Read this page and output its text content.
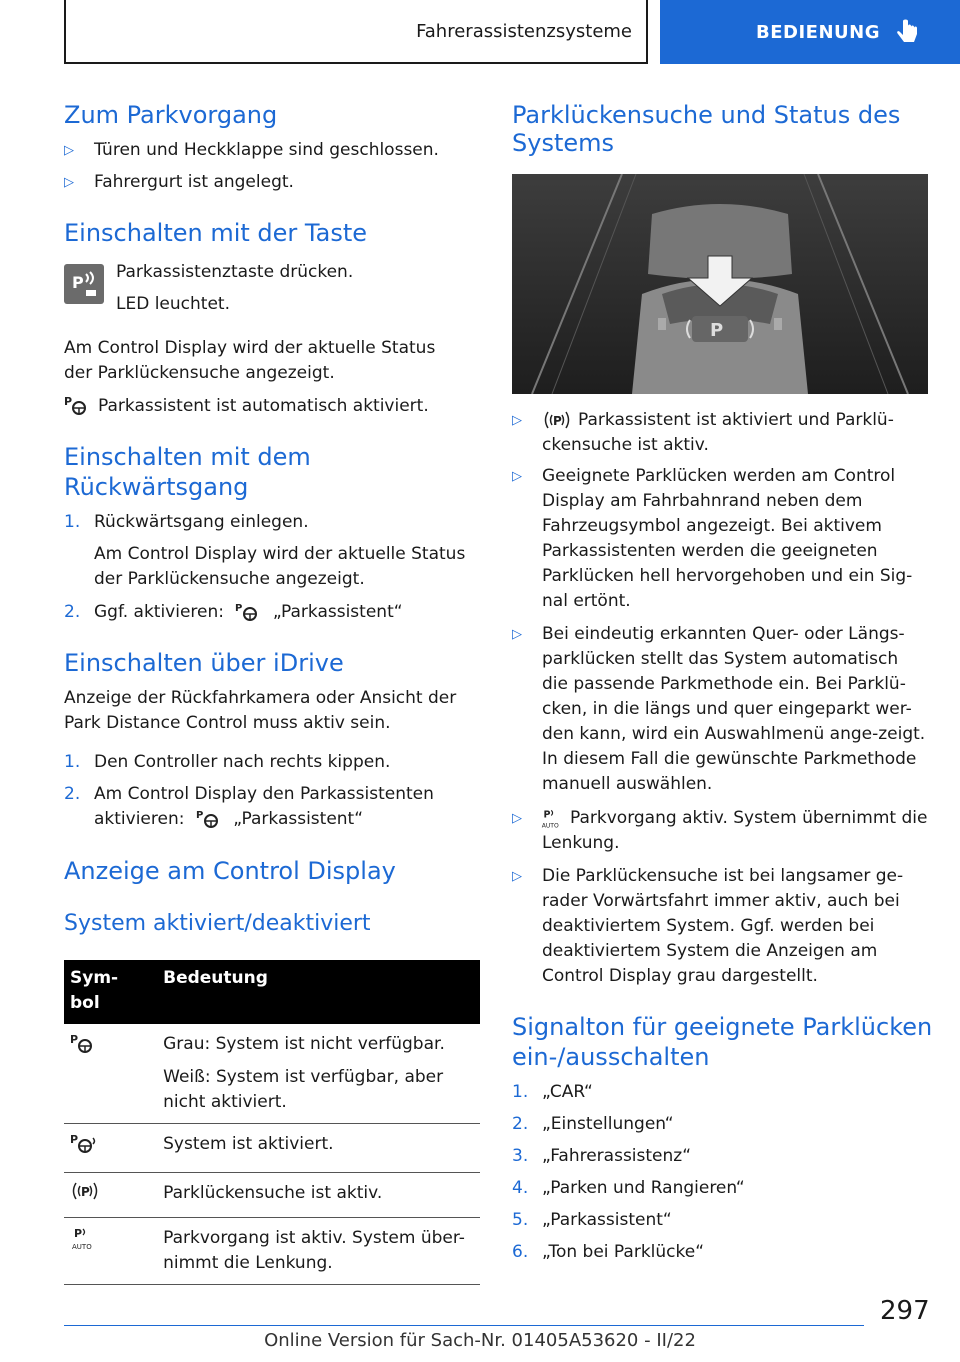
Fahrerassistenzsysteme	BEDIENUNG
Zum Parkvorgang
▷ Türen und Heckklappe sind geschlossen.
▷ Fahrergurt ist angelegt.
Einschalten mit der Taste
P

Parkassistenztaste drücken.

LED leuchtet.

Am Control Display wird der aktuelle Status der Parklückensuche angezeigt.

P Parkassistent ist automatisch aktiviert.

Einschalten mit dem
Rückwärtsgang
1. Rückwärtsgang einlegen.

Am Control Display wird der aktuelle Status der Parklückensuche angezeigt.

2. Ggf. aktivieren: P „Parkassistent“
Einschalten über iDrive

Anzeige der Rückfahrkamera oder Ansicht der Park Distance Control muss aktiv sein.

1. Den Controller nach rechts kippen.
2. Am Control Display den Parkassistenten
aktivieren: P „Parkassistent“
Anzeige am Control Display
System aktiviert/deaktiviert
Sym-
bol	Bedeutung

P	Grau: System ist nicht verfügbar.
Weiß: System ist verfügbar, aber nicht aktiviert.

P	System ist aktiviert.

P	Parklückensuche ist aktiv.

P
AUTO	Parkvorgang ist aktiv. System über-nimmt die Lenkung.
Parklückensuche und Status des
Systems
P
▷	P Parkassistent ist aktiviert und Parklü-ckensuche ist aktiv.
▷ Geeignete Parklücken werden am Control Display am Fahrbahnrand neben dem Fahrzeugsymbol angezeigt. Bei aktivem Parkassistenten werden die geeigneten Parklücken hell hervorgehoben und ein Sig-nal ertönt.
▷ Bei eindeutig erkannten Quer- oder Längs-parklücken stellt das System automatisch die passende Parkmethode ein. Bei Parklü-cken, in die längs und quer eingeparkt wer-den kann, wird ein Auswahlmenü ange-zeigt. In diesem Fall die gewünschte Parkmethode manuell auswählen.
▷ P
AUTO Parkvorgang aktiv. System übernimmt die Lenkung.
▷ Die Parklückensuche ist bei langsamer ge-rader Vorwärtsfahrt immer aktiv, auch bei deaktiviertem System. Ggf. werden bei deaktiviertem System die Anzeigen am Control Display grau dargestellt.
Signalton für geeignete Parklücken
ein-/ausschalten
1. „CAR“
2. „Einstellungen“
3. „Fahrerassistenz“
4. „Parken und Rangieren“
5. „Parkassistent“
6. „Ton bei Parklücke“
297
Online Version für Sach-Nr. 01405A53620 - II/22
